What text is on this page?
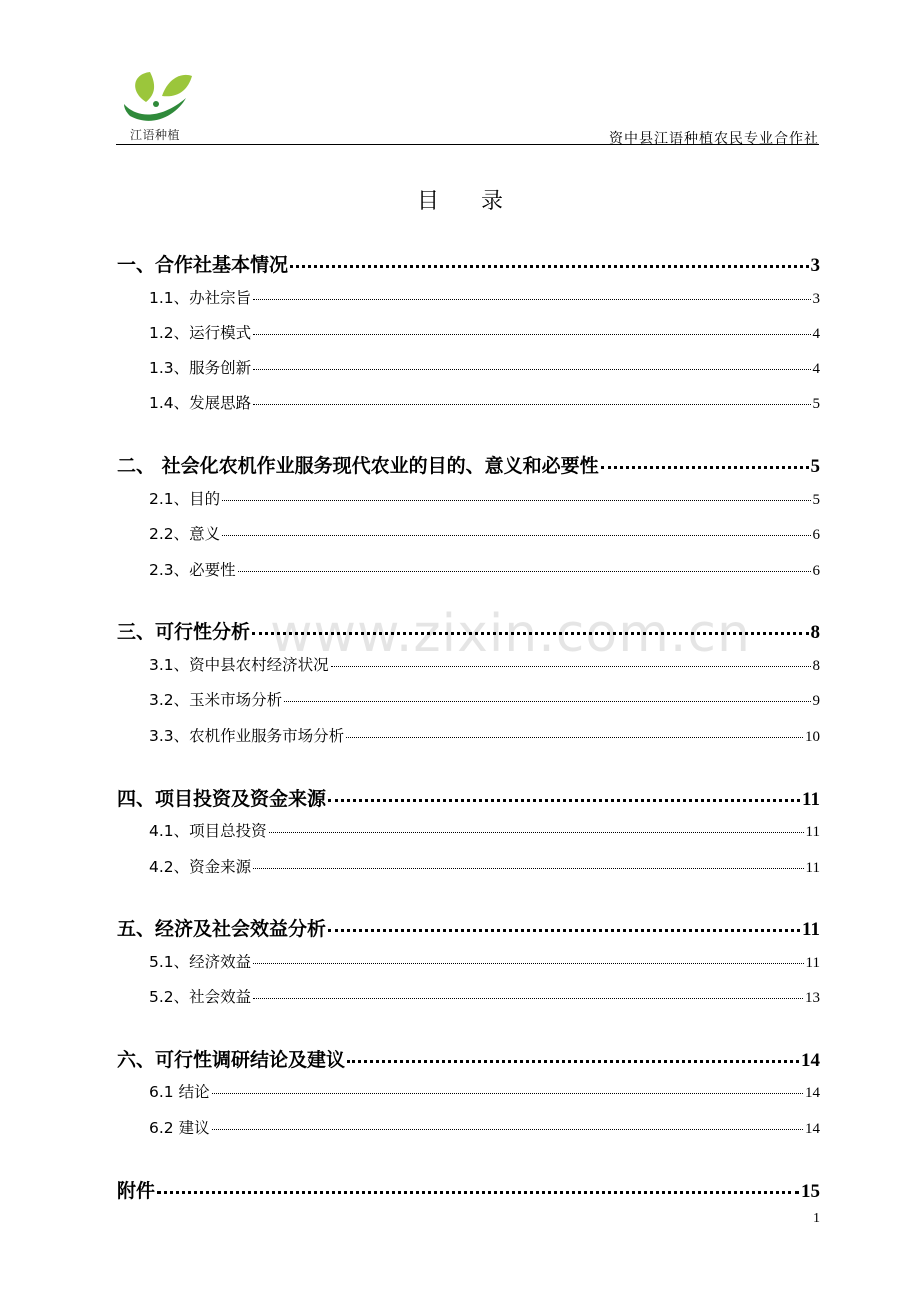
江语种植	资中县江语种植农民专业合作社
目录
一、合作社基本情况	3
1.1、办社宗旨	3
1.2、运行模式	4
1.3、服务创新	4
1.4、发展思路	5
二、 社会化农机作业服务现代农业的目的、意义和必要性	5
2.1、目的	5
2.2、意义	6
2.3、必要性	6
三、可行性分析	8
3.1、资中县农村经济状况	8
3.2、玉米市场分析	9
3.3、农机作业服务市场分析	10
四、项目投资及资金来源	11
4.1、项目总投资	11
4.2、资金来源	11
五、经济及社会效益分析	11
5.1、经济效益	11
5.2、社会效益	13
六、可行性调研结论及建议	14
6.1 结论	14
6.2 建议	14
附件	15
www.zixin.com.cn
1
